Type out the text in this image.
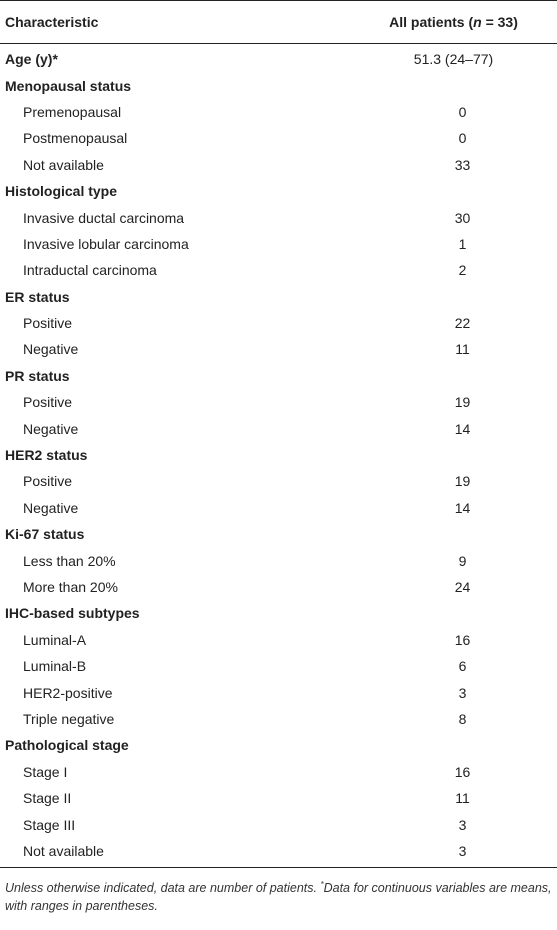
Characteristic	All patients (n = 33)
Age (y)*	51.3 (24–77)
Menopausal status
Premenopausal	0
Postmenopausal	0
Not available	33
Histological type
Invasive ductal carcinoma	30
Invasive lobular carcinoma	1
Intraductal carcinoma	2
ER status
Positive	22
Negative	11
PR status
Positive	19
Negative	14
HER2 status
Positive	19
Negative	14
Ki-67 status
Less than 20%	9
More than 20%	24
IHC-based subtypes
Luminal-A	16
Luminal-B	6
HER2-positive	3
Triple negative	8
Pathological stage
Stage I	16
Stage II	11
Stage III	3
Not available	3
Unless otherwise indicated, data are number of patients. *Data for continuous variables are means, with ranges in parentheses.
